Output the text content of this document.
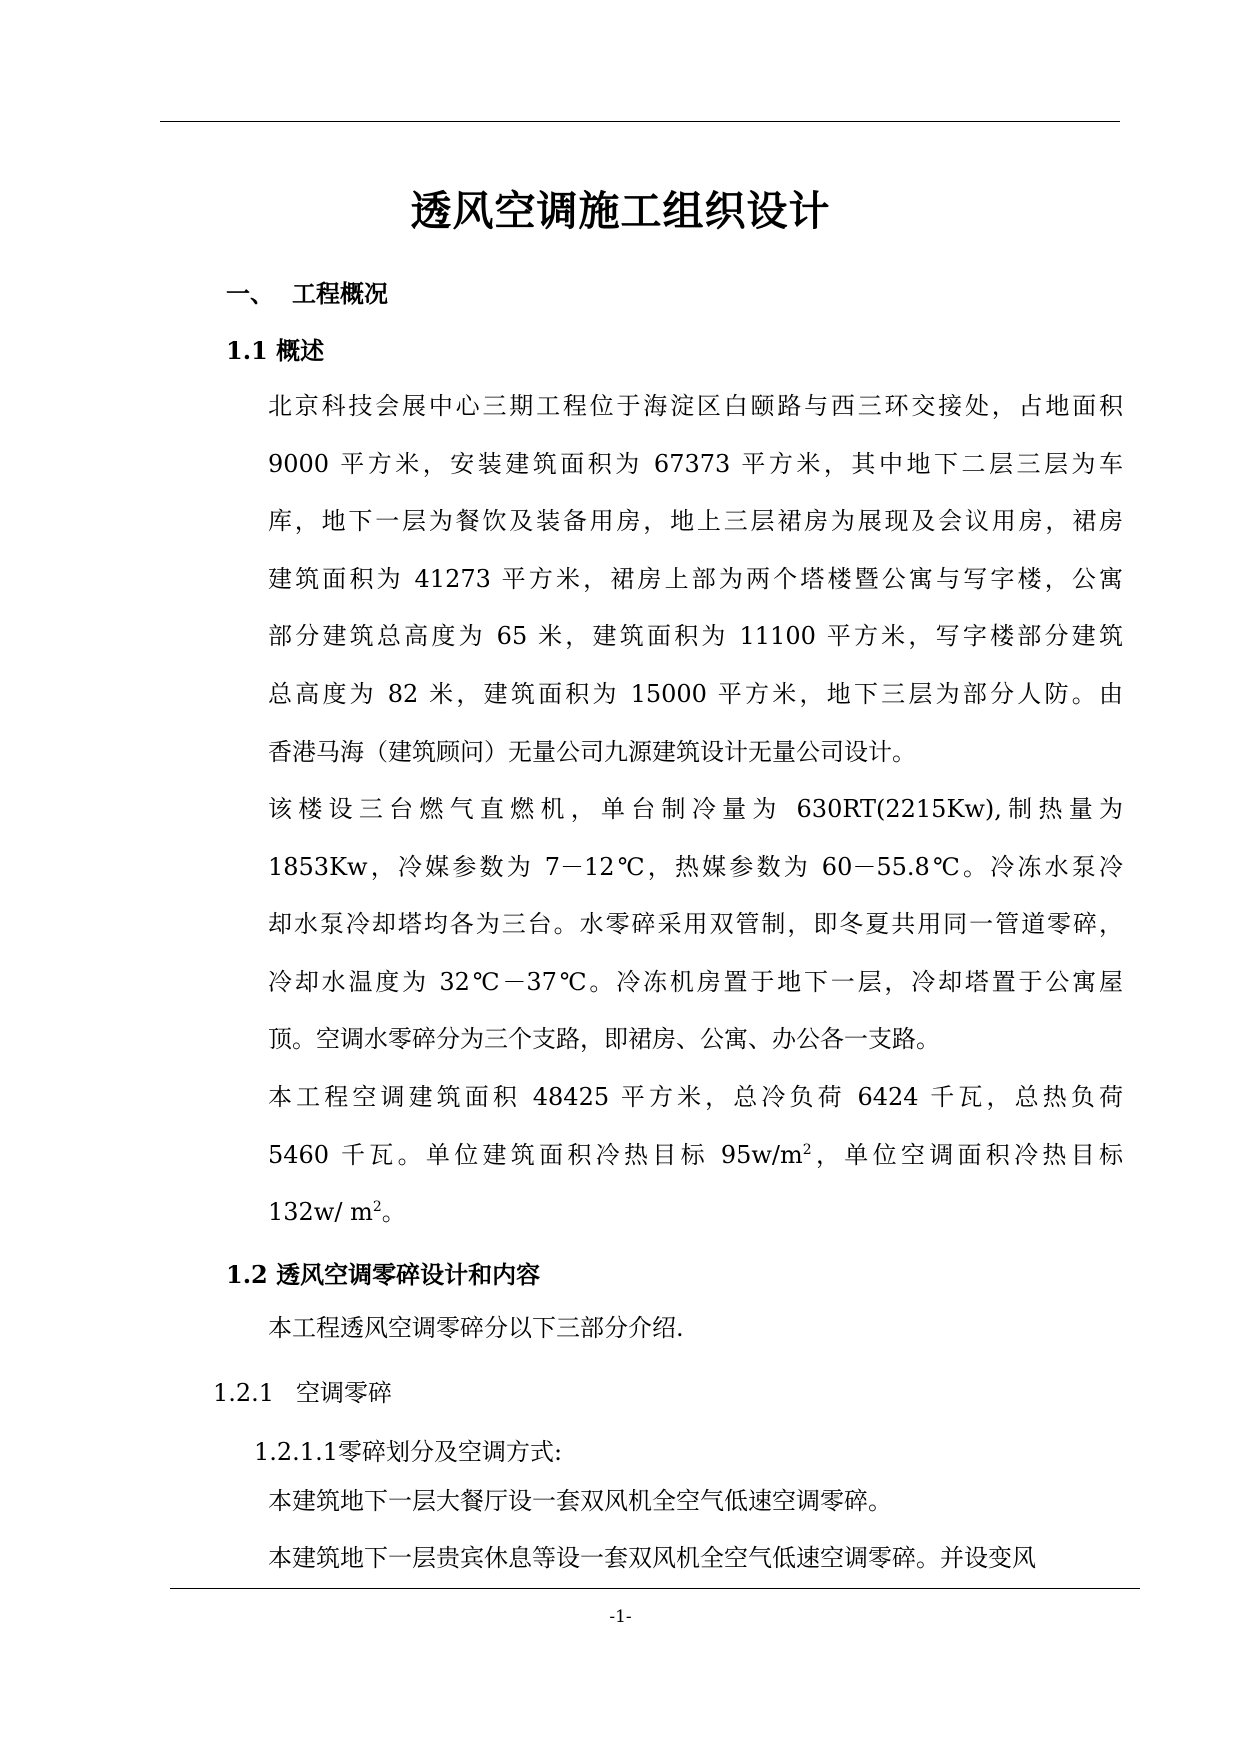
透风空调施工组织设计
一、 工程概况
1.1 概述
北京科技会展中心三期工程位于海淀区白颐路与西三环交接处，占地面积
9000 平方米，安装建筑面积为 67373 平方米，其中地下二层三层为车
库，地下一层为餐饮及装备用房，地上三层裙房为展现及会议用房，裙房
建筑面积为 41273 平方米，裙房上部为两个塔楼暨公寓与写字楼，公寓
部分建筑总高度为 65 米，建筑面积为 11100 平方米，写字楼部分建筑
总高度为 82 米，建筑面积为 15000 平方米，地下三层为部分人防。由
香港马海（建筑顾问）无量公司九源建筑设计无量公司设计。
该楼设三台燃气直燃机，单台制冷量为 630RT(2215Kw),制热量为
1853Kw，冷媒参数为 7－12℃，热媒参数为 60－55.8℃。冷冻水泵冷
却水泵冷却塔均各为三台。水零碎采用双管制，即冬夏共用同一管道零碎，
冷却水温度为 32℃－37℃。冷冻机房置于地下一层，冷却塔置于公寓屋
顶。空调水零碎分为三个支路，即裙房、公寓、办公各一支路。
本工程空调建筑面积 48425 平方米，总冷负荷 6424 千瓦，总热负荷
5460 千瓦。单位建筑面积冷热目标 $95w/m^2$，单位空调面积冷热目标
132w/ $m^2$。
1.2 透风空调零碎设计和内容
本工程透风空调零碎分以下三部分介绍.
1.2.1 空调零碎
1.2.1.1零碎划分及空调方式:
本建筑地下一层大餐厅设一套双风机全空气低速空调零碎。
本建筑地下一层贵宾休息等设一套双风机全空气低速空调零碎。并设变风
-1-
